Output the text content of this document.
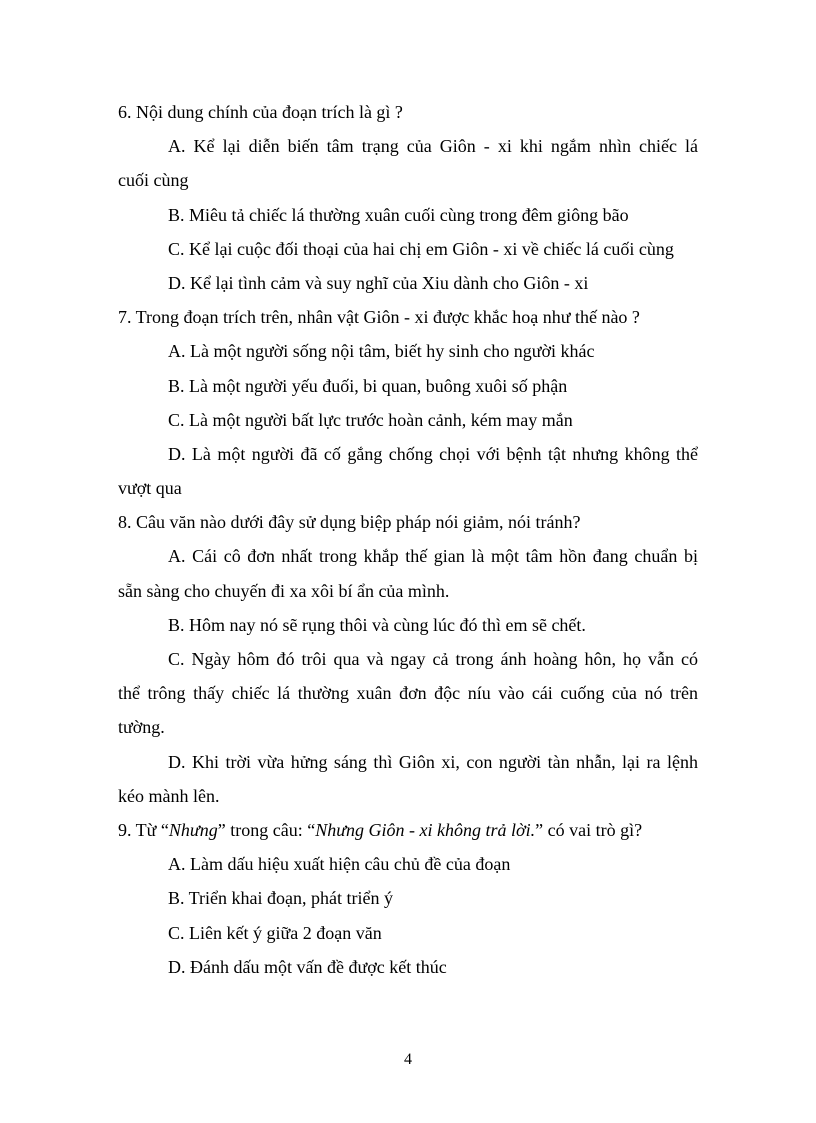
6. Nội dung chính của đoạn trích là gì ?
A. Kể lại diễn biến tâm trạng của Giôn - xi khi ngắm nhìn chiếc lá
cuối cùng
B. Miêu tả chiếc lá thường xuân cuối cùng trong đêm giông bão
C. Kể lại cuộc đối thoại của hai chị em Giôn - xi về chiếc lá cuối cùng
D. Kể lại tình cảm và suy nghĩ của Xiu dành cho Giôn - xi
7. Trong đoạn trích trên, nhân vật Giôn - xi được khắc hoạ như thế nào ?
A. Là một người sống nội tâm, biết hy sinh cho người khác
B. Là một người yếu đuối, bi quan, buông xuôi số phận
C. Là một người bất lực trước hoàn cảnh, kém may mắn
D. Là một người đã cố gắng chống chọi với bệnh tật nhưng không thể
vượt qua
8. Câu văn nào dưới đây sử dụng biệp pháp nói giảm, nói tránh?
A. Cái cô đơn nhất trong khắp thế gian là một tâm hồn đang chuẩn bị
sẵn sàng cho chuyến đi xa xôi bí ẩn của mình.
B. Hôm nay nó sẽ rụng thôi và cùng lúc đó thì em sẽ chết.
C. Ngày hôm đó trôi qua và ngay cả trong ánh hoàng hôn, họ vẫn có
thể trông thấy chiếc lá thường xuân đơn độc níu vào cái cuống của nó trên
tường.
D. Khi trời vừa hửng sáng thì Giôn xi, con người tàn nhẫn, lại ra lệnh
kéo mành lên.
9. Từ “Nhưng” trong câu: “Nhưng Giôn - xi không trả lời.” có vai trò gì?
A. Làm dấu hiệu xuất hiện câu chủ đề của đoạn
B. Triển khai đoạn, phát triển ý
C. Liên kết ý giữa 2 đoạn văn
D. Đánh dấu một vấn đề được kết thúc
4
